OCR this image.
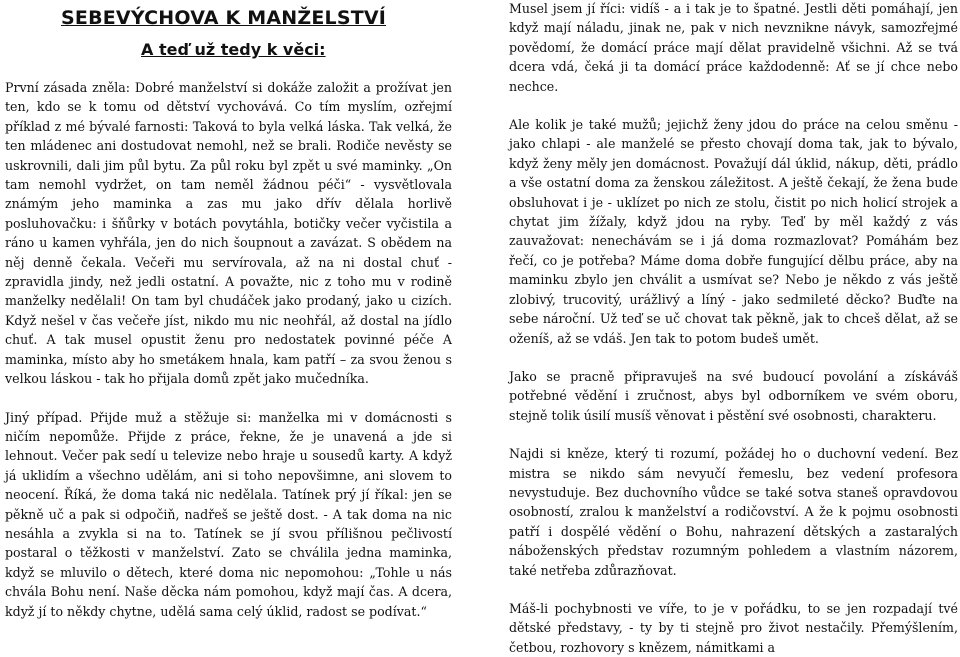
SEBEVÝCHOVA K MANŽELSTVÍ
A teď už tedy k věci:

První zásada zněla: Dobré manželství si dokáže založit a prožívat jen ten, kdo se k tomu od dětství vychovává. Co tím myslím, ozřejmí příklad z mé bývalé farnosti: Taková to byla velká láska. Tak velká, že ten mládenec ani dostudovat nemohl, než se brali. Rodiče nevěsty se uskrovnili, dali jim půl bytu. Za půl roku byl zpět u své maminky. „On tam nemohl vydržet, on tam neměl žádnou péči“ - vysvětlovala známým jeho maminka a zas mu jako dřív dělala horlivě posluhovačku: i šňůrky v botách povytáhla, botičky večer vyčistila a ráno u kamen vyhřála, jen do nich šoupnout a zavázat. S obědem na něj denně čekala. Večeři mu servírovala, až na ni dostal chuť - zpravidla jindy, než jedli ostatní. A považte, nic z toho mu v rodině manželky nedělali! On tam byl chudáček jako prodaný, jako u cizích. Když nešel v čas večeře jíst, nikdo mu nic neohřál, až dostal na jídlo chuť. A tak musel opustit ženu pro nedostatek povinné péče A maminka, místo aby ho smetákem hnala, kam patří – za svou ženou s velkou láskou - tak ho přijala domů zpět jako mučedníka.

Jiný případ. Přijde muž a stěžuje si: manželka mi v domácnosti s ničím nepomůže. Přijde z práce, řekne, že je unavená a jde si lehnout. Večer pak sedí u televize nebo hraje u sousedů karty. A když já uklidím a všechno udělám, ani si toho nepovšimne, ani slovem to neocení. Říká, že doma taká nic nedělala. Tatínek prý jí říkal: jen se pěkně uč a pak si odpočiň, nadřeš se ještě dost. - A tak doma na nic nesáhla a zvykla si na to. Tatínek se jí svou přílišnou pečlivostí postaral o těžkosti v manželství. Zato se chválila jedna maminka, když se mluvilo o dětech, které doma nic nepomohou: „Tohle u nás chvála Bohu není. Naše děcka nám pomohou, když mají čas. A dcera, když jí to někdy chytne, udělá sama celý úklid, radost se podívat.“

Musel jsem jí říci: vidíš - a i tak je to špatné. Jestli děti pomáhají, jen když mají náladu, jinak ne, pak v nich nevznikne návyk, samozřejmé povědomí, že domácí práce mají dělat pravidelně všichni. Až se tvá dcera vdá, čeká ji ta domácí práce každodenně: Ať se jí chce nebo nechce.

Ale kolik je také mužů; jejichž ženy jdou do práce na celou směnu - jako chlapi - ale manželé se přesto chovají doma tak, jak to bývalo, když ženy měly jen domácnost. Považují dál úklid, nákup, děti, prádlo a vše ostatní doma za ženskou záležitost. A ještě čekají, že žena bude obsluhovat i je - uklízet po nich ze stolu, čistit po nich holicí strojek a chytat jim žížaly, když jdou na ryby. Teď by měl každý z vás zauvažovat: nenechávám se i já doma rozmazlovat? Pomáhám bez řečí, co je potřeba? Máme doma dobře fungující dělbu práce, aby na maminku zbylo jen chválit a usmívat se? Nebo je někdo z vás ještě zlobivý, trucovitý, urážlivý a líný - jako sedmileté děcko? Buďte na sebe nároční. Už teď se uč chovat tak pěkně, jak to chceš dělat, až se oženíš, až se vdáš. Jen tak to potom budeš umět.

Jako se pracně připravuješ na své budoucí povolání a získáváš potřebné vědění i zručnost, abys byl odborníkem ve svém oboru, stejně tolik úsilí musíš věnovat i pěstění své osobnosti, charakteru.

Najdi si kněze, který ti rozumí, požádej ho o duchovní vedení. Bez mistra se nikdo sám nevyučí řemeslu, bez vedení profesora nevystuduje. Bez duchovního vůdce se také sotva staneš opravdovou osobností, zralou k manželství a rodičovství. A že k pojmu osobnosti patří i dospělé vědění o Bohu, nahrazení dětských a zastaralých náboženských představ rozumným pohledem a vlastním názorem, také netřeba zdůrazňovat.

Máš-li pochybnosti ve víře, to je v pořádku, to se jen rozpadají tvé dětské představy, - ty by ti stejně pro život nestačily. Přemýšlením, četbou, rozhovory s knězem, námitkami a
